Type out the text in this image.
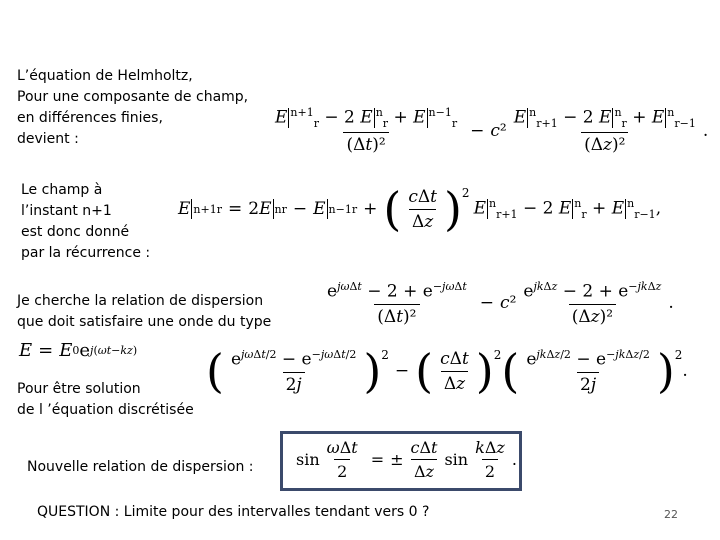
L’équation de Helmholtz,
Pour une composante de champ,
en différences finies,
devient :
Le champ à
l’instant n+1
est donc donné
par la récurrence :
Je cherche la relation de dispersion
que doit satisfaire une onde du type
Pour être solution
de l ’équation discrétisée
Nouvelle relation de dispersion :
QUESTION : Limite pour des intervalles tendant vers 0 ?	22
$\frac{E ^{n+1}_r - 2 E ^n_r + E ^{n-1}_r}{\text{(Δt)²}} - c$ $^2 \frac{E ^n_{r+1} - 2 E ^n_r + E ^n_{r-1}}{\text{(Δz)²}}$ .
E n+1 r = 2 E n r − E n−1 r + ( $\frac{\text{cΔt}}{\Delta z}$ ) 2
E $^n_{r+1}$ − 2 E $^n_r$ + E $^n_{r-1}$,
$\frac{e^{j\omega\Delta t} - 2 + e^{-j\omega\Delta t}}{\text{(Δt)²}} - c$ $^2 \frac{e^{jk\Delta z} - 2 + e^{-jk\Delta z}}{\text{(Δz)²}}$ .
E = E 0 e j(ωt−kz) ( $\frac{e^{j\omega\Delta t/2} - e^{-j\omega\Delta t/2}}{2j}$ ) 2
− ( $\frac{\text{cΔt}}{\Delta z}$ ) 2 ( $\frac{e^{jk\Delta z/2} - e^{-jk\Delta z/2}}{2j}$ ) 2
.
$\sin \frac{\text{ωΔt}}{2}$ = ± $\frac{\text{cΔt}}{\Delta z}$ $\sin \frac{\text{kΔz}}{2}$ .
